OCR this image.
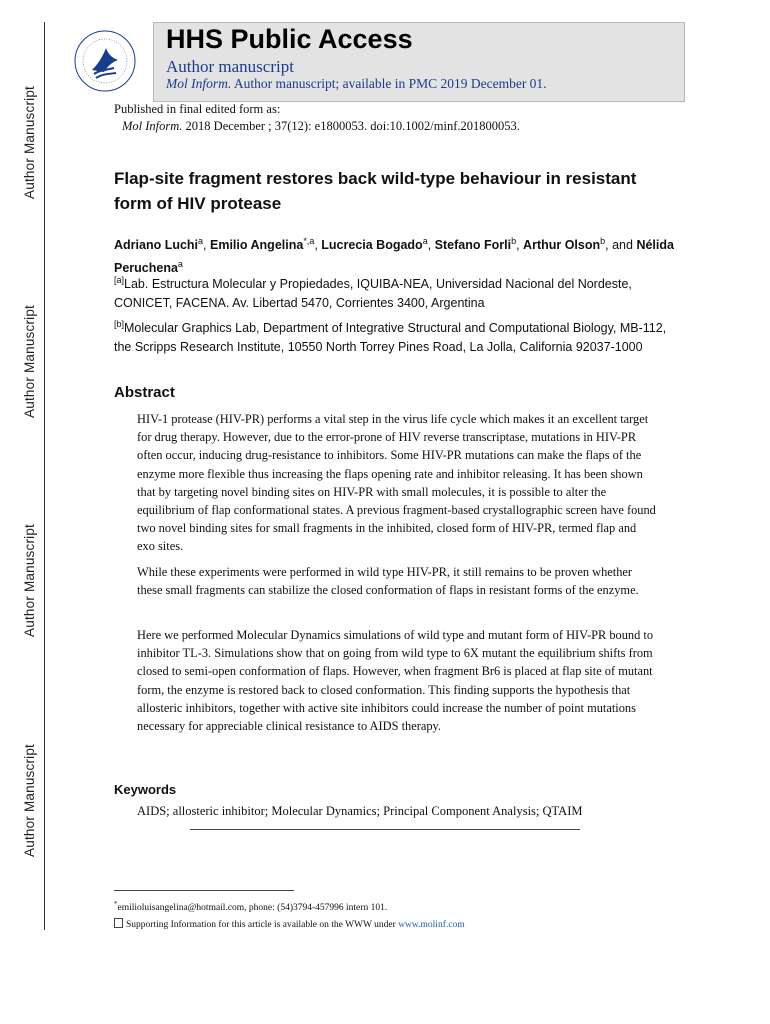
Author Manuscript
Author Manuscript
Author Manuscript
Author Manuscript
HHS Public Access
Author manuscript
Mol Inform. Author manuscript; available in PMC 2019 December 01.
Published in final edited form as:
Mol Inform. 2018 December ; 37(12): e1800053. doi:10.1002/minf.201800053.
Flap-site fragment restores back wild-type behaviour in resistant form of HIV protease
Adriano Luchi$^a$, Emilio Angelina$^{*,a}$, Lucrecia Bogado$^a$, Stefano Forli$^b$, Arthur Olson$^b$, and Nélida Peruchena$^a$
[a]Lab. Estructura Molecular y Propiedades, IQUIBA-NEA, Universidad Nacional del Nordeste, CONICET, FACENA. Av. Libertad 5470, Corrientes 3400, Argentina
[b]Molecular Graphics Lab, Department of Integrative Structural and Computational Biology, MB-112, the Scripps Research Institute, 10550 North Torrey Pines Road, La Jolla, California 92037-1000
Abstract
HIV-1 protease (HIV-PR) performs a vital step in the virus life cycle which makes it an excellent target for drug therapy. However, due to the error-prone of HIV reverse transcriptase, mutations in HIV-PR often occur, inducing drug-resistance to inhibitors. Some HIV-PR mutations can make the flaps of the enzyme more flexible thus increasing the flaps opening rate and inhibitor releasing. It has been shown that by targeting novel binding sites on HIV-PR with small molecules, it is possible to alter the equilibrium of flap conformational states. A previous fragment-based crystallographic screen have found two novel binding sites for small fragments in the inhibited, closed form of HIV-PR, termed flap and exo sites.
While these experiments were performed in wild type HIV-PR, it still remains to be proven whether these small fragments can stabilize the closed conformation of flaps in resistant forms of the enzyme.
Here we performed Molecular Dynamics simulations of wild type and mutant form of HIV-PR bound to inhibitor TL-3. Simulations show that on going from wild type to 6X mutant the equilibrium shifts from closed to semi-open conformation of flaps. However, when fragment Br6 is placed at flap site of mutant form, the enzyme is restored back to closed conformation. This finding supports the hypothesis that allosteric inhibitors, together with active site inhibitors could increase the number of point mutations necessary for appreciable clinical resistance to AIDS therapy.
Keywords
AIDS; allosteric inhibitor; Molecular Dynamics; Principal Component Analysis; QTAIM
*emilioluisangelina@hotmail.com, phone: (54)3794-457996 intern 101.
Supporting Information for this article is available on the WWW under www.molinf.com
